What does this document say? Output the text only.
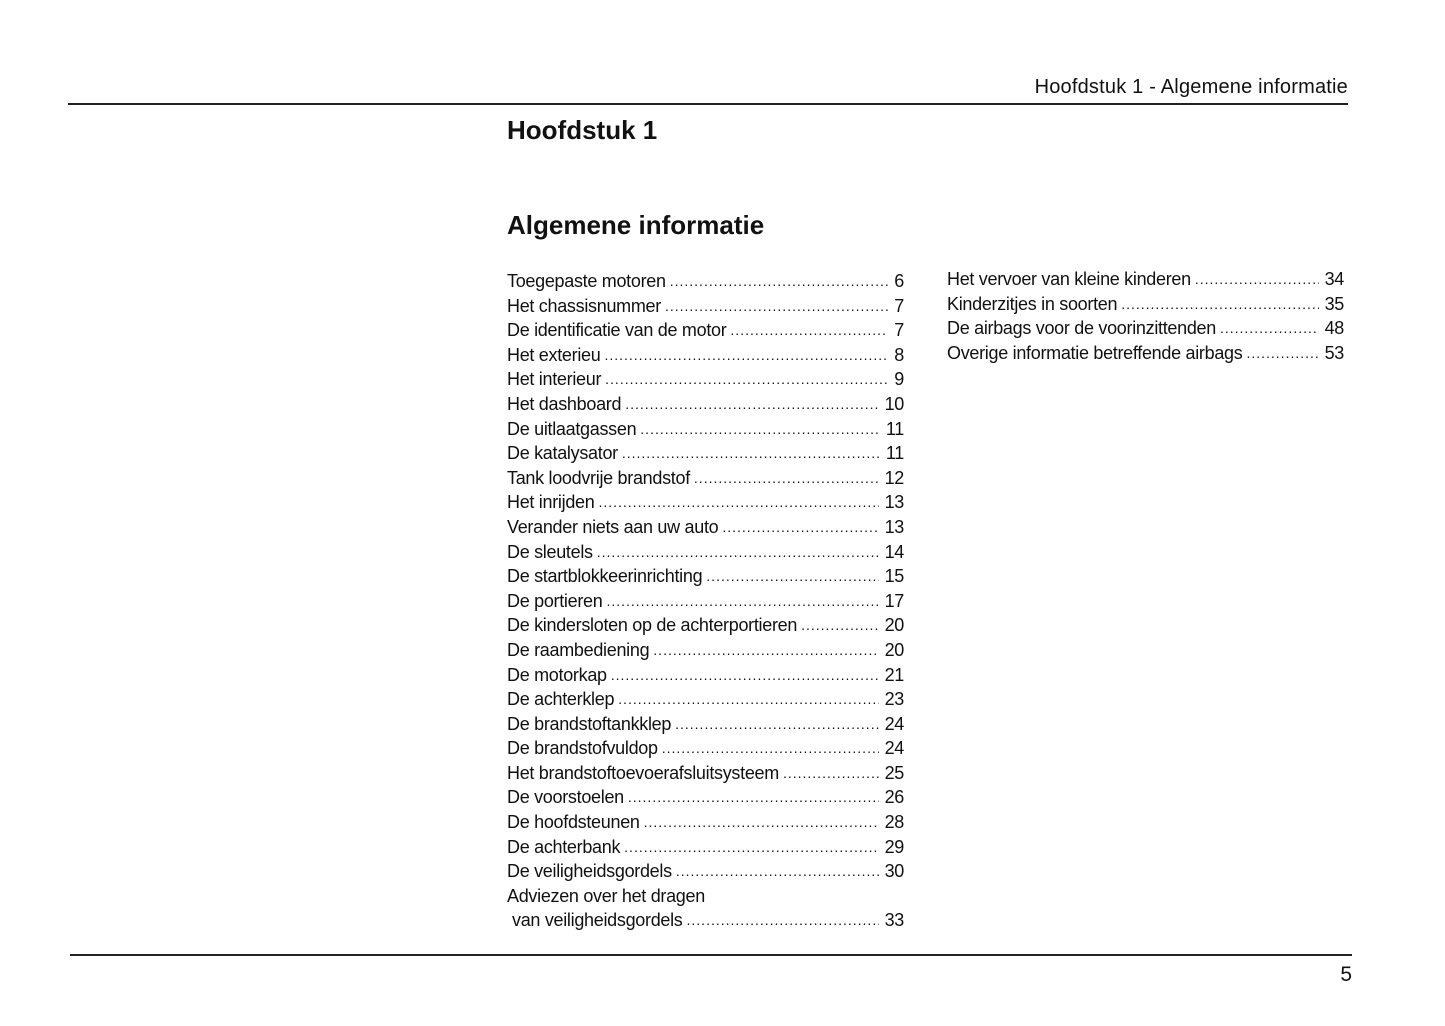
Hoofdstuk 1 - Algemene informatie
Hoofdstuk 1
Algemene informatie
Toegepaste motoren .....	6
Het chassisnummer .....	7
De identificatie van de motor .....	7
Het exterieu .....	8
Het interieur .....	9
Het dashboard .....	10
De uitlaatgassen .....	11
De katalysator .....	11
Tank loodvrije brandstof .....	12
Het inrijden .....	13
Verander niets aan uw auto .....	13
De sleutels .....	14
De startblokkeerinrichting .....	15
De portieren .....	17
De kindersloten op de achterportieren .....	20
De raambediening .....	20
De motorkap .....	21
De achterklep .....	23
De brandstoftankklep .....	24
De brandstofvuldop .....	24
Het brandstoftoevoerafsluitsysteem .....	25
De voorstoelen .....	26
De hoofdsteunen .....	28
De achterbank .....	29
De veiligheidsgordels .....	30
Adviezen over het dragen
van veiligheidsgordels .....	33
Het vervoer van kleine kinderen .....	34
Kinderzitjes in soorten .....	35
De airbags voor de voorinzittenden .....	48
Overige informatie betreffende airbags .....	53
5
